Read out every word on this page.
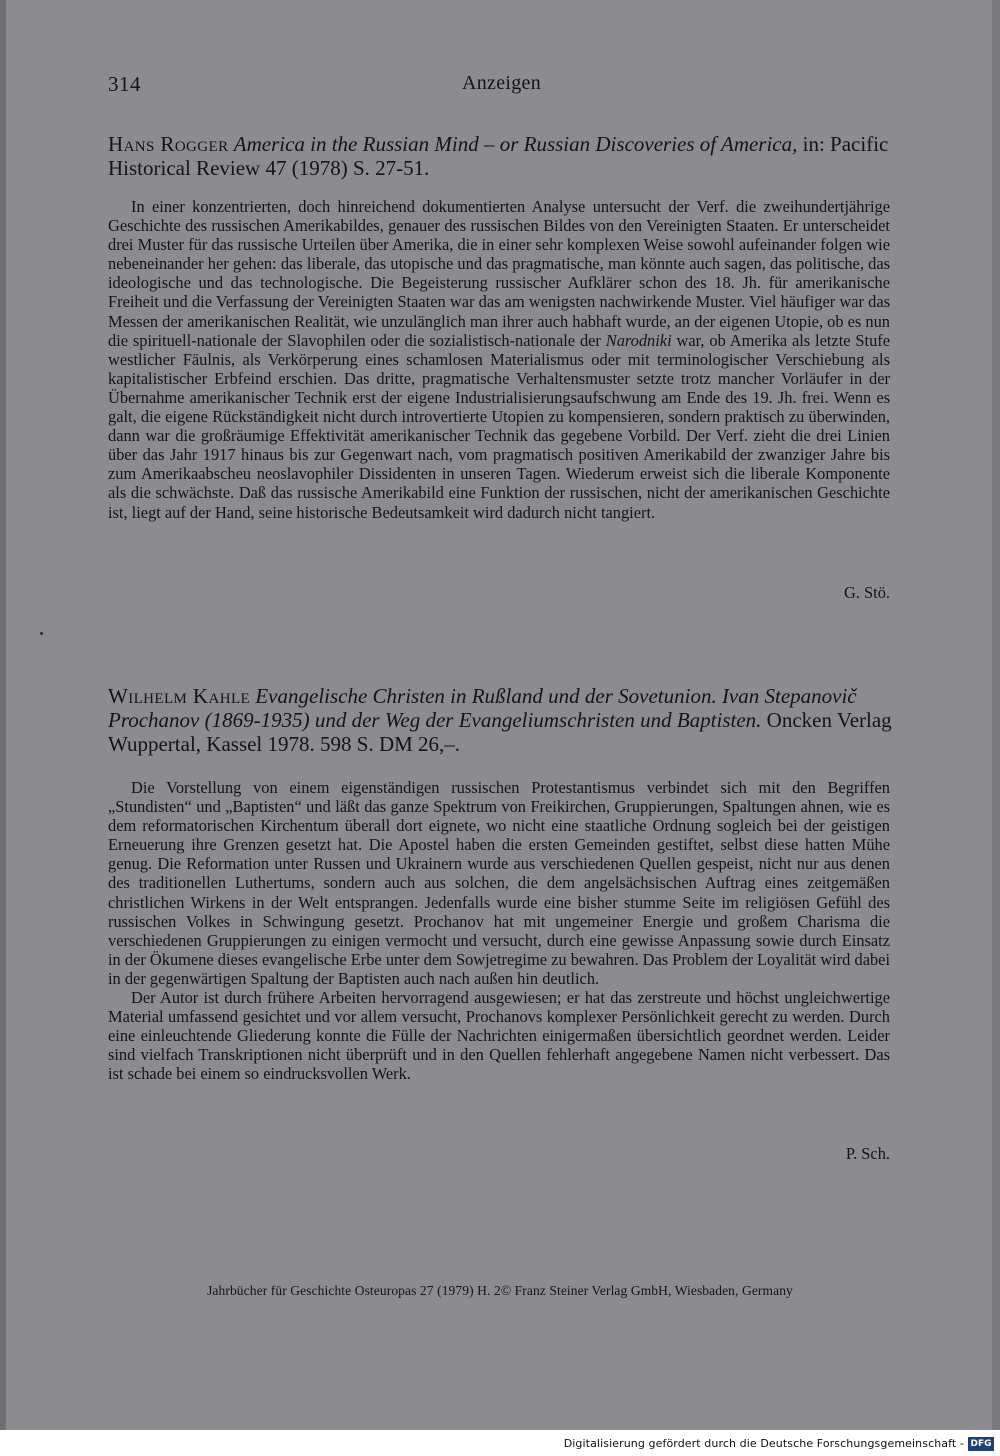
314	Anzeigen
Hans Rogger America in the Russian Mind – or Russian Discoveries of America, in: Pacific Historical Review 47 (1978) S. 27-51.

In einer konzentrierten, doch hinreichend dokumentierten Analyse untersucht der Verf. die zweihundertjährige Geschichte des russischen Amerikabildes, genauer des russischen Bildes von den Vereinigten Staaten. Er unterscheidet drei Muster für das russische Urteilen über Amerika, die in einer sehr komplexen Weise sowohl aufeinander folgen wie nebeneinander her gehen: das liberale, das utopische und das pragmatische, man könnte auch sagen, das politische, das ideologische und das technologische. Die Begeisterung russischer Aufklärer schon des 18. Jh. für amerikanische Freiheit und die Verfassung der Vereinigten Staaten war das am wenigsten nachwirkende Muster. Viel häufiger war das Messen der amerikanischen Realität, wie unzulänglich man ihrer auch habhaft wurde, an der eigenen Utopie, ob es nun die spirituell-nationale der Slavophilen oder die sozialistisch-nationale der Narodniki war, ob Amerika als letzte Stufe westlicher Fäulnis, als Verkörperung eines schamlosen Materialismus oder mit terminologischer Verschiebung als kapitalistischer Erbfeind erschien. Das dritte, pragmatische Verhaltensmuster setzte trotz mancher Vorläufer in der Übernahme amerikanischer Technik erst der eigene Industrialisierungsaufschwung am Ende des 19. Jh. frei. Wenn es galt, die eigene Rückständigkeit nicht durch introvertierte Utopien zu kompensieren, sondern praktisch zu überwinden, dann war die großräumige Effektivität amerikanischer Technik das gegebene Vorbild. Der Verf. zieht die drei Linien über das Jahr 1917 hinaus bis zur Gegenwart nach, vom pragmatisch positiven Amerikabild der zwanziger Jahre bis zum Amerikaabscheu neoslavophiler Dissidenten in unseren Tagen. Wiederum erweist sich die liberale Komponente als die schwächste. Daß das russische Amerikabild eine Funktion der russischen, nicht der amerikanischen Geschichte ist, liegt auf der Hand, seine historische Bedeutsamkeit wird dadurch nicht tangiert.

G. Stö.
Wilhelm Kahle Evangelische Christen in Rußland und der Sovetunion. Ivan Stepanovič Prochanov (1869-1935) und der Weg der Evangeliumschristen und Baptisten. Oncken Verlag Wuppertal, Kassel 1978. 598 S. DM 26,–.

Die Vorstellung von einem eigenständigen russischen Protestantismus verbindet sich mit den Begriffen „Stundisten“ und „Baptisten“ und läßt das ganze Spektrum von Freikirchen, Gruppierungen, Spaltungen ahnen, wie es dem reformatorischen Kirchentum überall dort eignete, wo nicht eine staatliche Ordnung sogleich bei der geistigen Erneuerung ihre Grenzen gesetzt hat. Die Apostel haben die ersten Gemeinden gestiftet, selbst diese hatten Mühe genug. Die Reformation unter Russen und Ukrainern wurde aus verschiedenen Quellen gespeist, nicht nur aus denen des traditionellen Luthertums, sondern auch aus solchen, die dem angelsächsischen Auftrag eines zeitgemäßen christlichen Wirkens in der Welt entsprangen. Jedenfalls wurde eine bisher stumme Seite im religiösen Gefühl des russischen Volkes in Schwingung gesetzt. Prochanov hat mit ungemeiner Energie und großem Charisma die verschiedenen Gruppierungen zu einigen vermocht und versucht, durch eine gewisse Anpassung sowie durch Einsatz in der Ökumene dieses evangelische Erbe unter dem Sowjetregime zu bewahren. Das Problem der Loyalität wird dabei in der gegenwärtigen Spaltung der Baptisten auch nach außen hin deutlich.

Der Autor ist durch frühere Arbeiten hervorragend ausgewiesen; er hat das zerstreute und höchst ungleichwertige Material umfassend gesichtet und vor allem versucht, Prochanovs komplexer Persönlichkeit gerecht zu werden. Durch eine einleuchtende Gliederung konnte die Fülle der Nachrichten einigermaßen übersichtlich geordnet werden. Leider sind vielfach Transkriptionen nicht überprüft und in den Quellen fehlerhaft angegebene Namen nicht verbessert. Das ist schade bei einem so eindrucksvollen Werk.

P. Sch.
Jahrbücher für Geschichte Osteuropas 27 (1979) H. 2© Franz Steiner Verlag GmbH, Wiesbaden, Germany
Digitalisierung gefördert durch die Deutsche Forschungsgemeinschaft - DFG
